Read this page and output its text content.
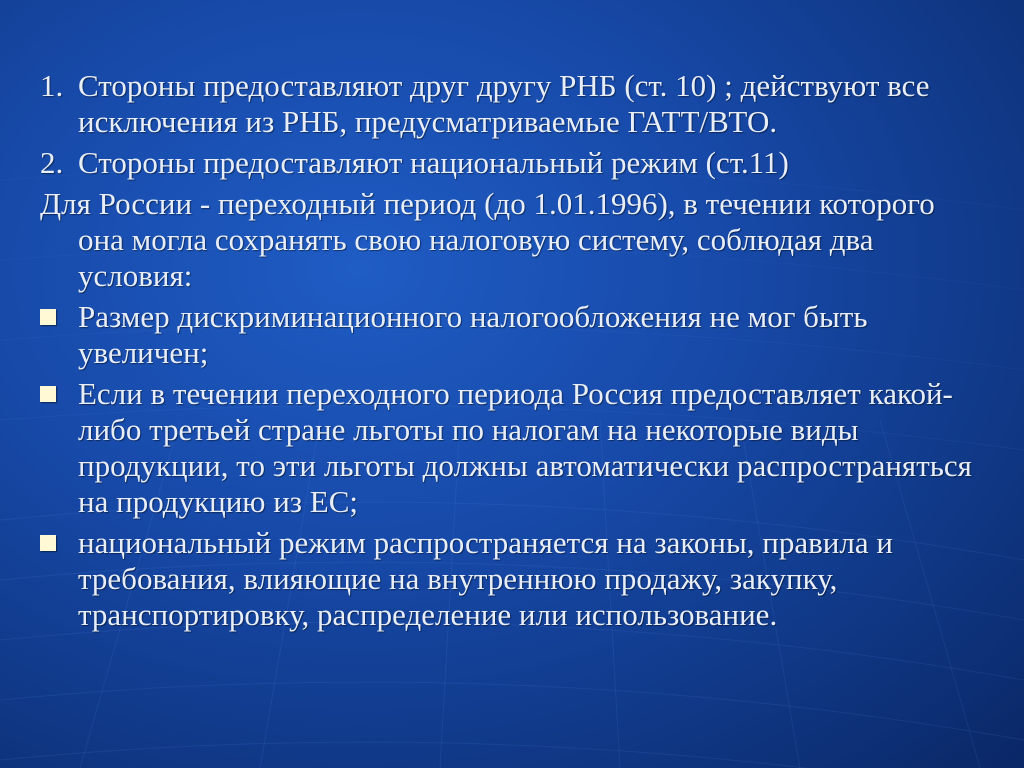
1. Стороны предоставляют друг другу РНБ (ст. 10) ; действуют все исключения из РНБ, предусматриваемые ГАТТ/ВТО.

2. Стороны предоставляют национальный режим (ст.11)

Для России - переходный период (до 1.01.1996), в течении которого она могла сохранять свою налоговую систему, соблюдая два условия:

Размер дискриминационного налогообложения не мог быть увеличен;

Если в течении переходного периода Россия предоставляет какой-либо третьей стране льготы по налогам на некоторые виды продукции, то эти льготы должны автоматически распространяться на продукцию из ЕС;

национальный режим распространяется на законы, правила и требования, влияющие на внутреннюю продажу, закупку, транспортировку, распределение или использование.
